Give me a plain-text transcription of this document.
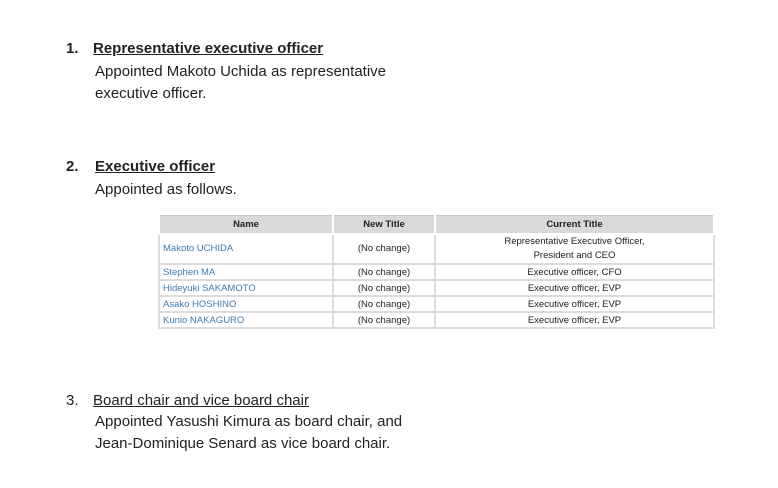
1. Representative executive officer
Appointed Makoto Uchida as representative
executive officer.
2. Executive officer
Appointed as follows.
Name	New Title	Current Title
Makoto UCHIDA	(No change)	Representative Executive Officer,
President and CEO

Stephen MA	(No change)	Executive officer, CFO
Hideyuki SAKAMOTO	(No change)	Executive officer, EVP
Asako HOSHINO	(No change)	Executive officer, EVP
Kunio NAKAGURO	(No change)	Executive officer, EVP
3. Board chair and vice board chair
Appointed Yasushi Kimura as board chair, and
Jean-Dominique Senard as vice board chair.
